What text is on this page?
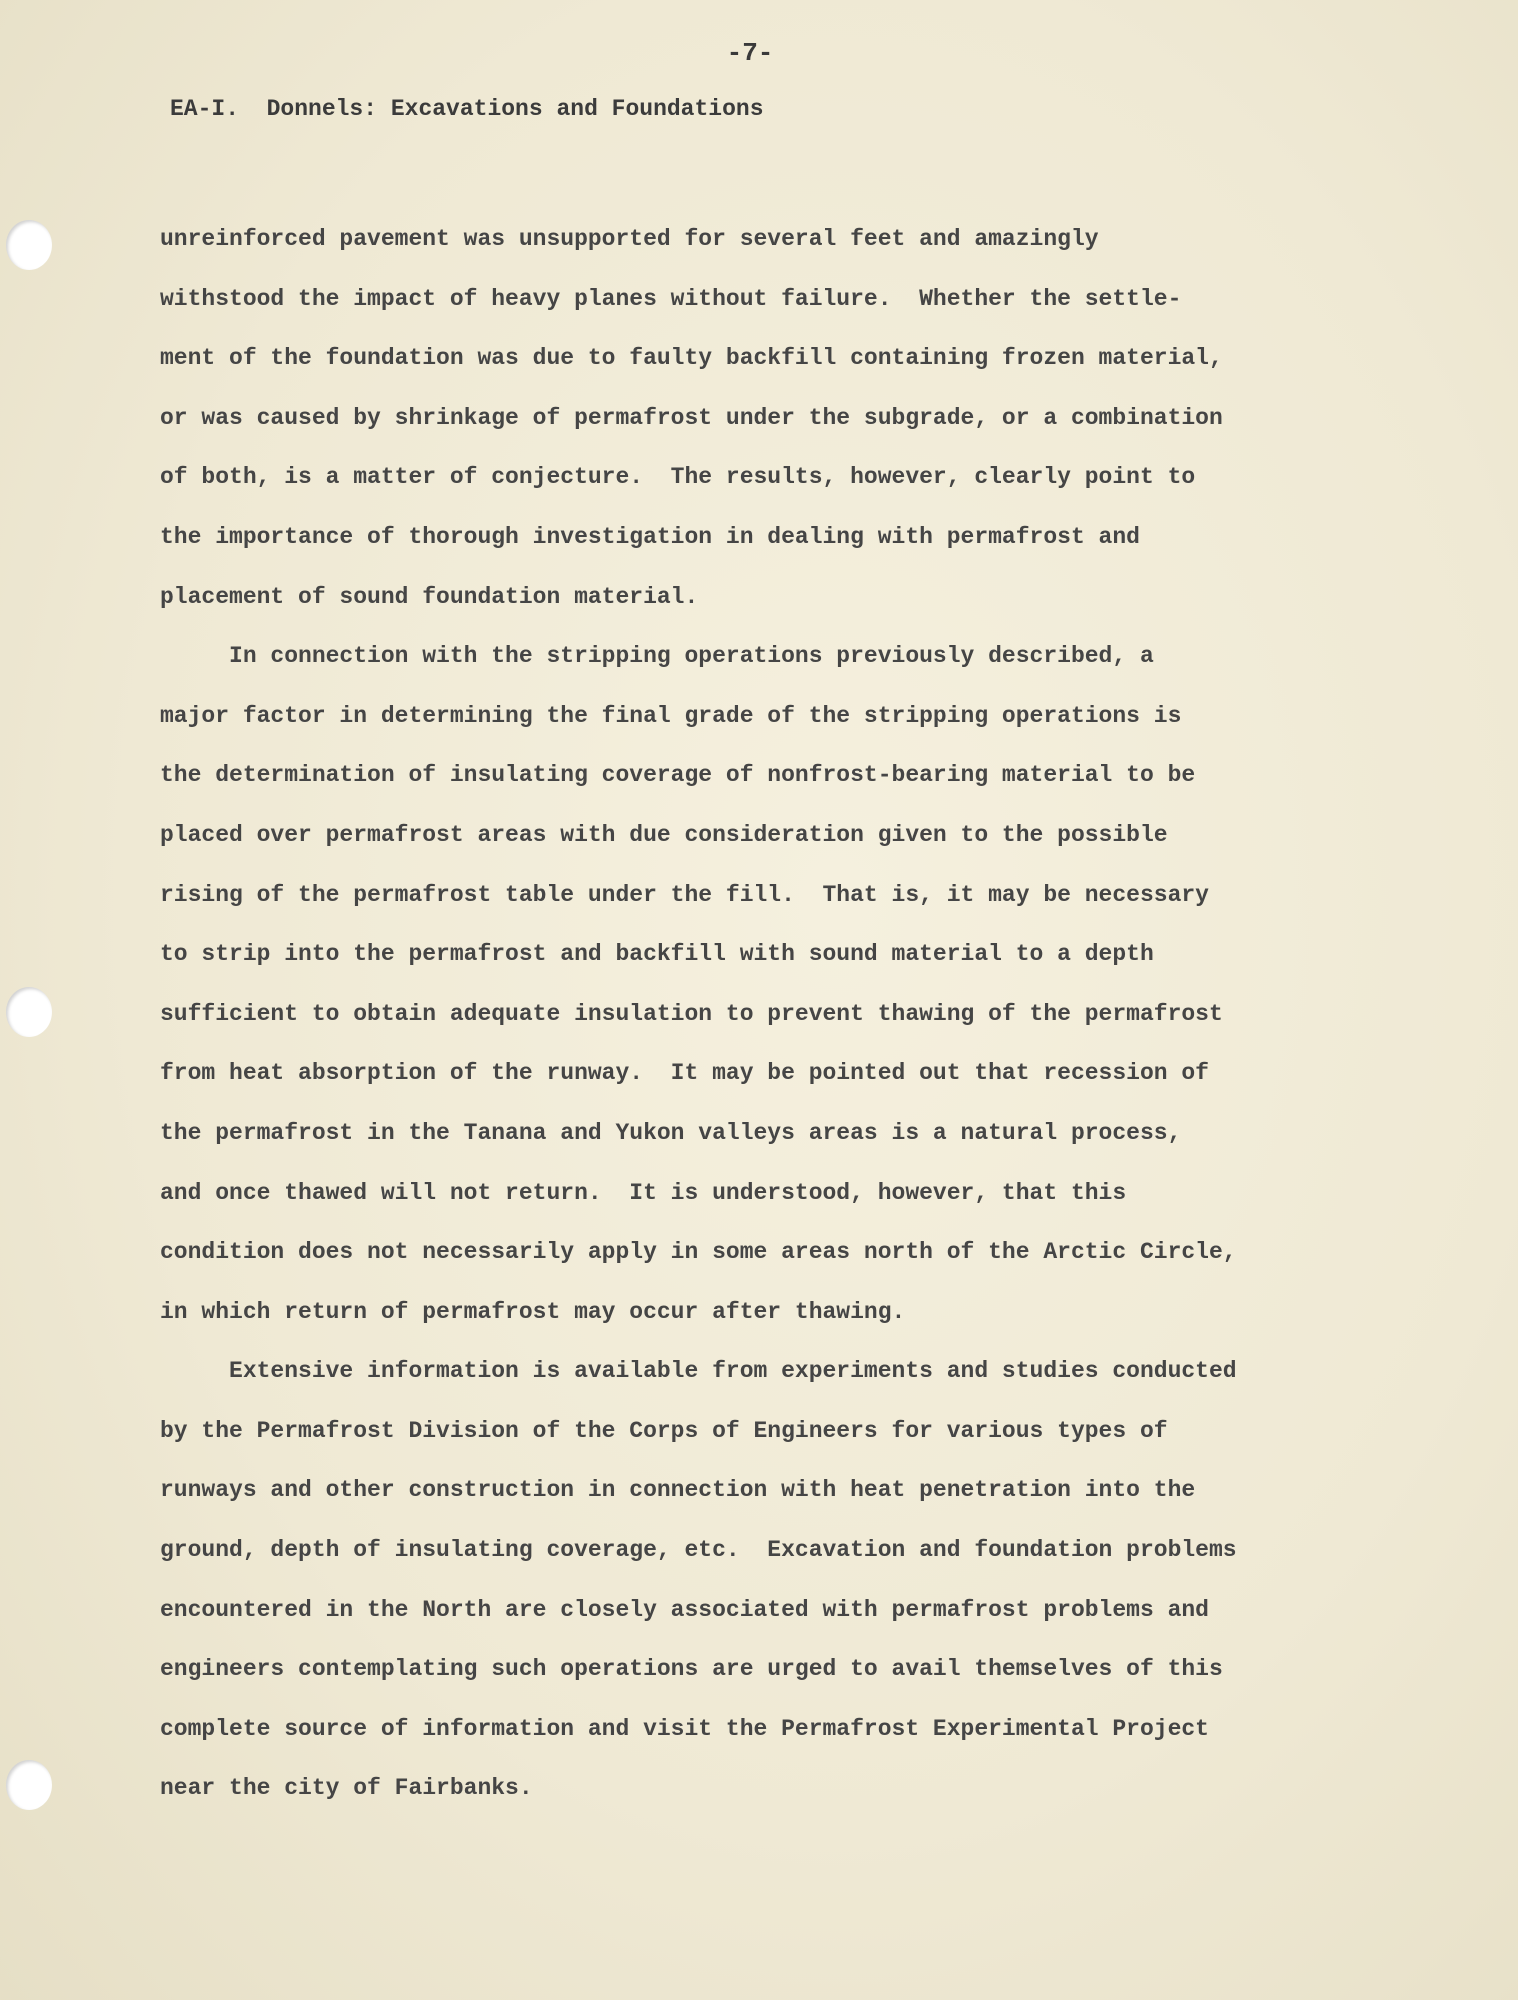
-7-

EA-I.  Donnels: Excavations and Foundations

unreinforced pavement was unsupported for several feet and amazingly
withstood the impact of heavy planes without failure.  Whether the settle-
ment of the foundation was due to faulty backfill containing frozen material,
or was caused by shrinkage of permafrost under the subgrade, or a combination
of both, is a matter of conjecture.  The results, however, clearly point to
the importance of thorough investigation in dealing with permafrost and
placement of sound foundation material.

In connection with the stripping operations previously described, a
major factor in determining the final grade of the stripping operations is
the determination of insulating coverage of nonfrost-bearing material to be
placed over permafrost areas with due consideration given to the possible
rising of the permafrost table under the fill.  That is, it may be necessary
to strip into the permafrost and backfill with sound material to a depth
sufficient to obtain adequate insulation to prevent thawing of the permafrost
from heat absorption of the runway.  It may be pointed out that recession of
the permafrost in the Tanana and Yukon valleys areas is a natural process,
and once thawed will not return.  It is understood, however, that this
condition does not necessarily apply in some areas north of the Arctic Circle,
in which return of permafrost may occur after thawing.

Extensive information is available from experiments and studies conducted
by the Permafrost Division of the Corps of Engineers for various types of
runways and other construction in connection with heat penetration into the
ground, depth of insulating coverage, etc.  Excavation and foundation problems
encountered in the North are closely associated with permafrost problems and
engineers contemplating such operations are urged to avail themselves of this
complete source of information and visit the Permafrost Experimental Project
near the city of Fairbanks.
